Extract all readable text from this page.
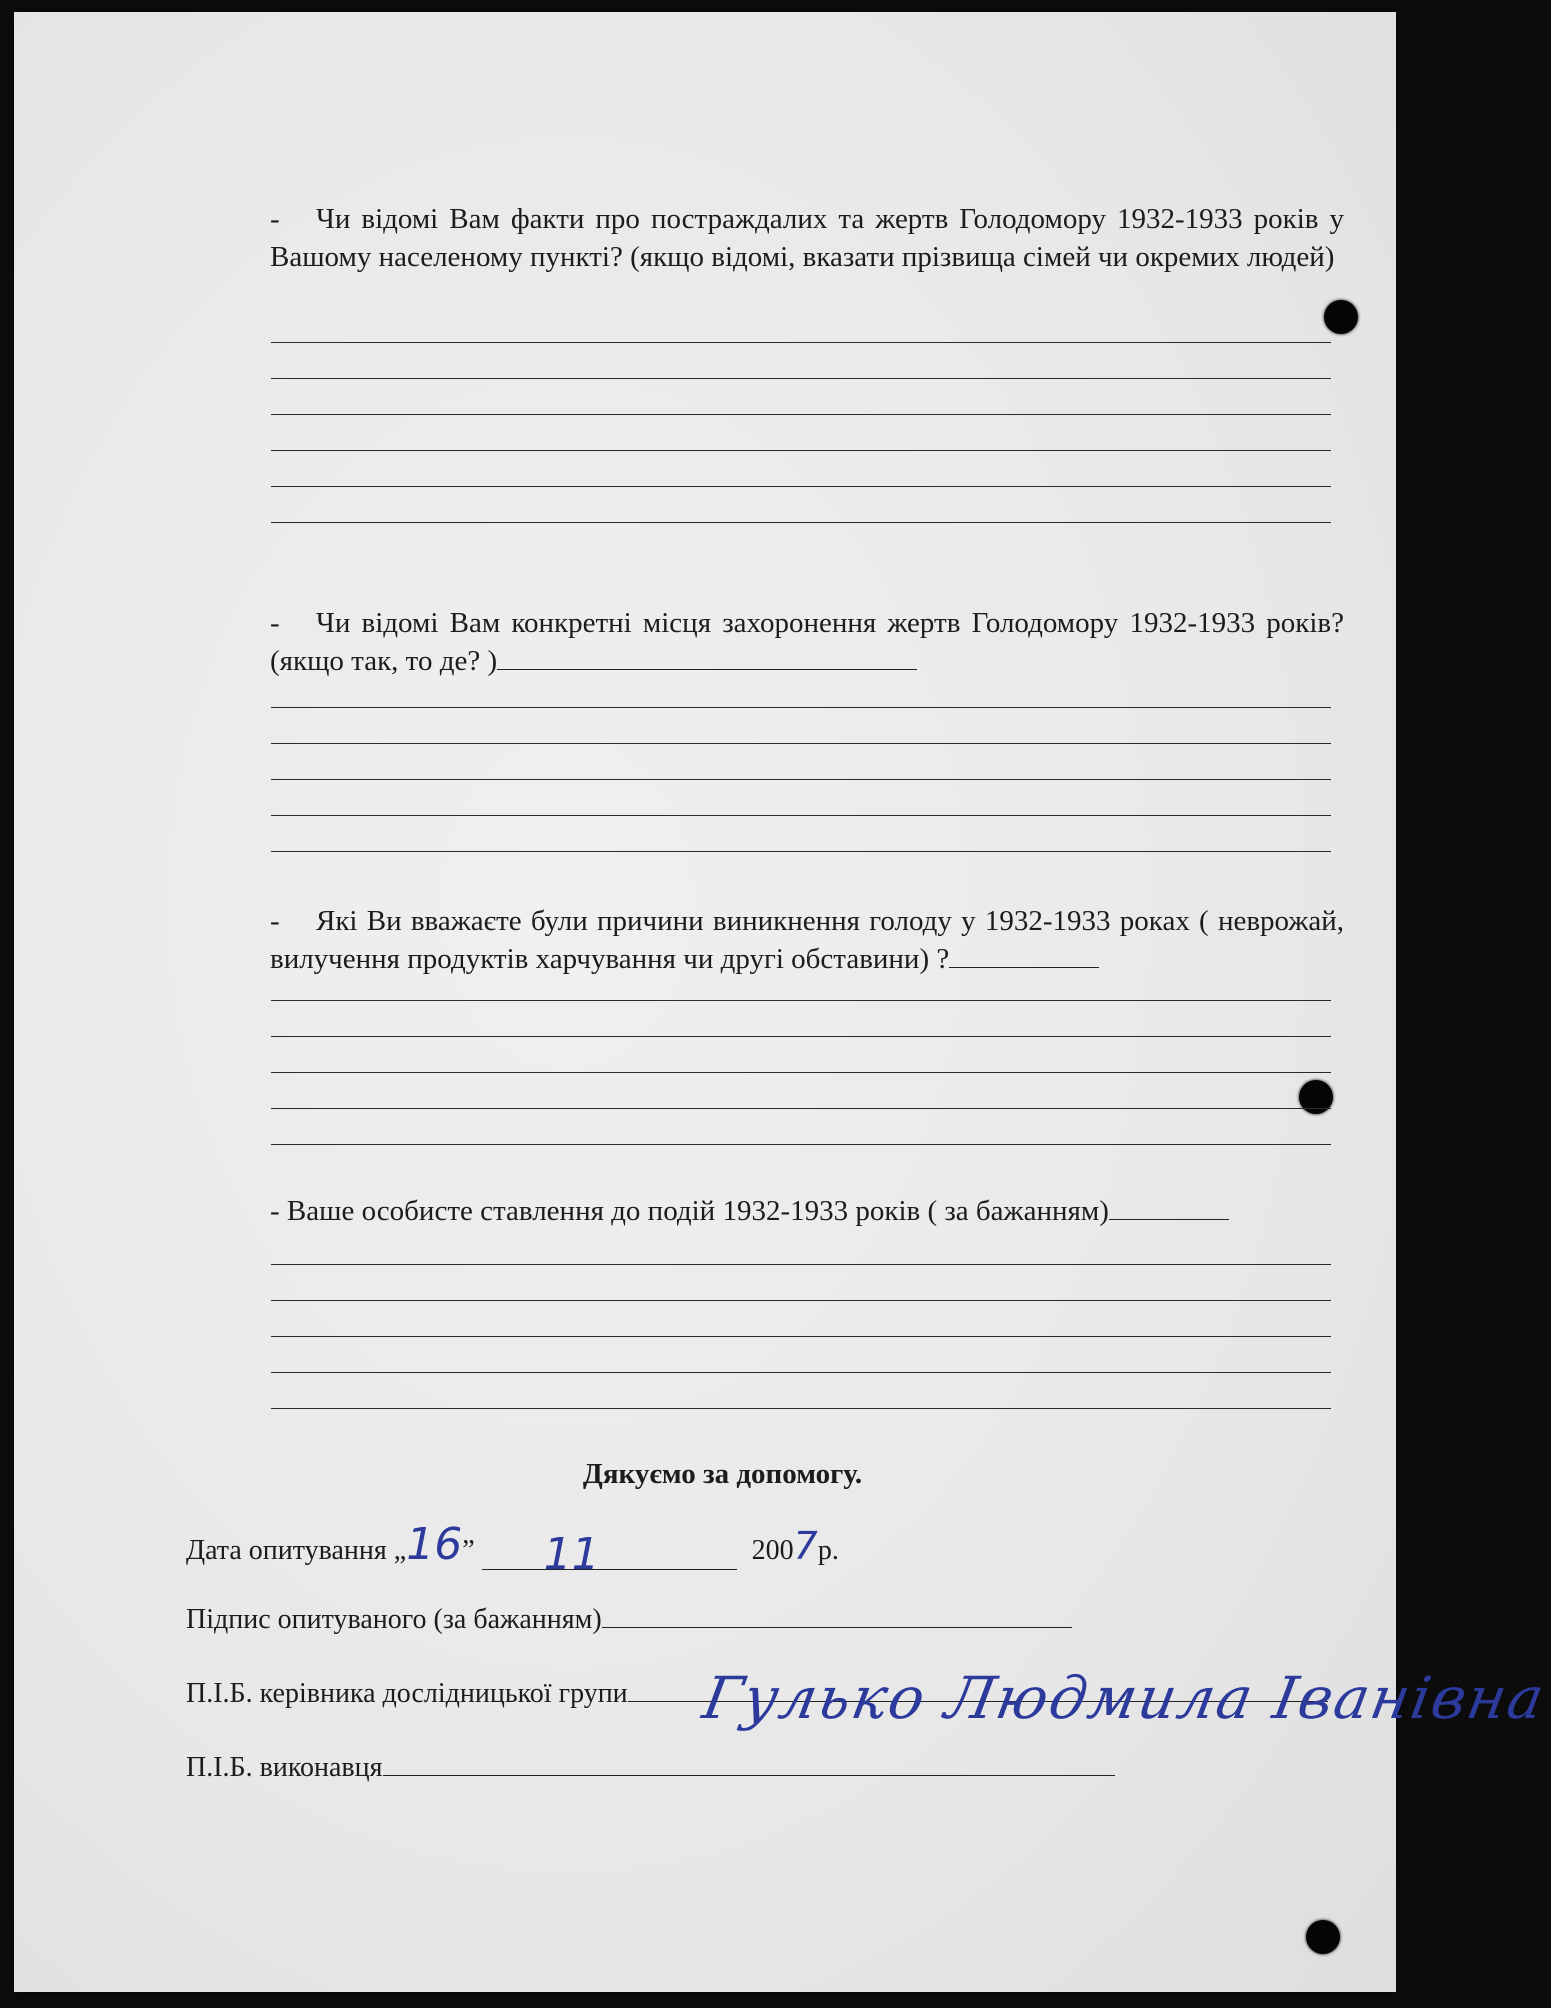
- Чи відомі Вам факти про постраждалих та жертв Голодомору 1932-1933 років у Вашому населеному пункті? (якщо відомі, вказати прізвища сімей чи окремих людей)
- Чи відомі Вам конкретні місця захоронення жертв Голодомору 1932-1933 років? (якщо так, то де? )
- Які Ви вважаєте були причини виникнення голоду у 1932-1933 роках ( неврожай, вилучення продуктів харчування чи другі обставини) ?
- Ваше особисте ставлення до подій 1932-1933 років ( за бажанням)
Дякуємо за допомогу.
Дата опитування „16” 11	2007р.
Підпис опитуваного (за бажанням)
П.І.Б. керівника дослідницької групи	Гулько Людмила Іванівна
П.І.Б. виконавця
